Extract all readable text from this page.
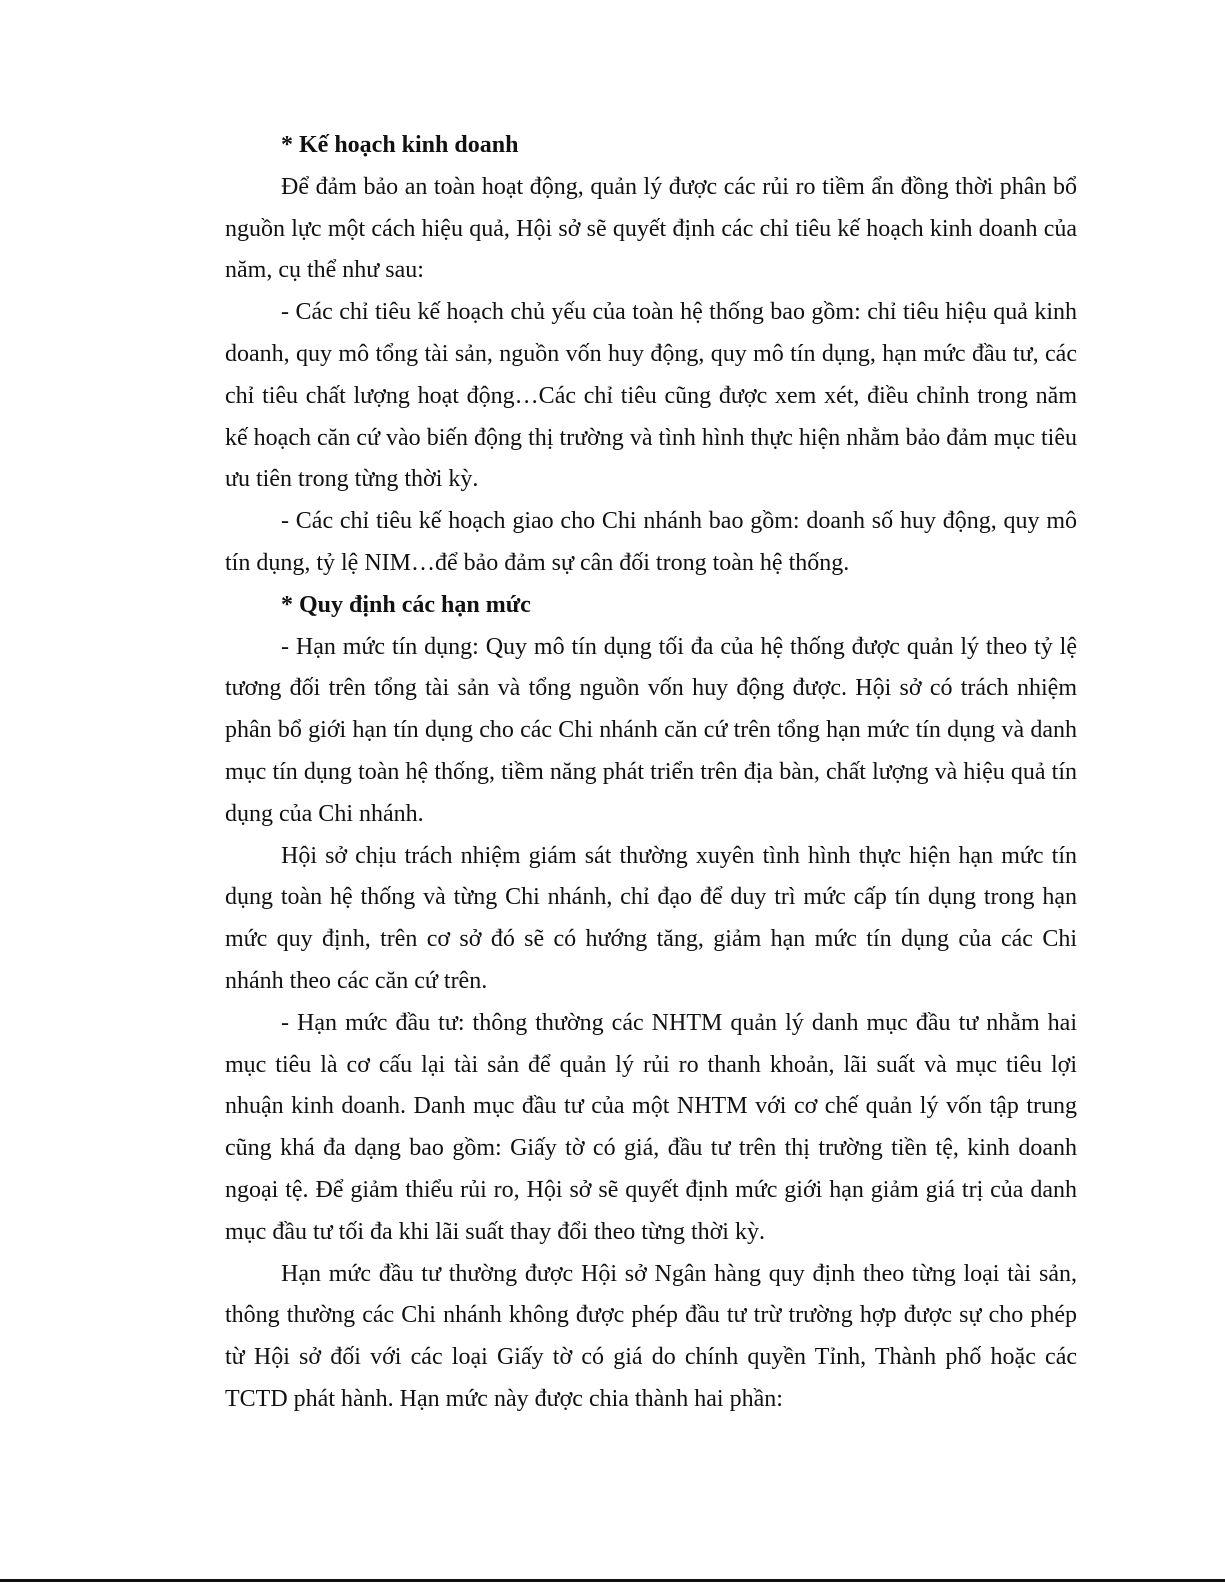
* Kế hoạch kinh doanh

Để đảm bảo an toàn hoạt động, quản lý được các rủi ro tiềm ẩn đồng thời phân bổ nguồn lực một cách hiệu quả, Hội sở sẽ quyết định các chỉ tiêu kế hoạch kinh doanh của năm, cụ thể như sau:

- Các chỉ tiêu kế hoạch chủ yếu của toàn hệ thống bao gồm: chỉ tiêu hiệu quả kinh doanh, quy mô tổng tài sản, nguồn vốn huy động, quy mô tín dụng, hạn mức đầu tư, các chỉ tiêu chất lượng hoạt động…Các chỉ tiêu cũng được xem xét, điều chỉnh trong năm kế hoạch căn cứ vào biến động thị trường và tình hình thực hiện nhằm bảo đảm mục tiêu ưu tiên trong từng thời kỳ.

- Các chỉ tiêu kế hoạch giao cho Chi nhánh bao gồm: doanh số huy động, quy mô tín dụng, tỷ lệ NIM…để bảo đảm sự cân đối trong toàn hệ thống.

* Quy định các hạn mức

- Hạn mức tín dụng: Quy mô tín dụng tối đa của hệ thống được quản lý theo tỷ lệ tương đối trên tổng tài sản và tổng nguồn vốn huy động được. Hội sở có trách nhiệm phân bổ giới hạn tín dụng cho các Chi nhánh căn cứ trên tổng hạn mức tín dụng và danh mục tín dụng toàn hệ thống, tiềm năng phát triển trên địa bàn, chất lượng và hiệu quả tín dụng của Chi nhánh.

Hội sở chịu trách nhiệm giám sát thường xuyên tình hình thực hiện hạn mức tín dụng toàn hệ thống và từng Chi nhánh, chỉ đạo để duy trì mức cấp tín dụng trong hạn mức quy định, trên cơ sở đó sẽ có hướng tăng, giảm hạn mức tín dụng của các Chi nhánh theo các căn cứ trên.

- Hạn mức đầu tư: thông thường các NHTM quản lý danh mục đầu tư nhằm hai mục tiêu là cơ cấu lại tài sản để quản lý rủi ro thanh khoản, lãi suất và mục tiêu lợi nhuận kinh doanh. Danh mục đầu tư của một NHTM với cơ chế quản lý vốn tập trung cũng khá đa dạng bao gồm: Giấy tờ có giá, đầu tư trên thị trường tiền tệ, kinh doanh ngoại tệ. Để giảm thiểu rủi ro, Hội sở sẽ quyết định mức giới hạn giảm giá trị của danh mục đầu tư tối đa khi lãi suất thay đổi theo từng thời kỳ.

Hạn mức đầu tư thường được Hội sở Ngân hàng quy định theo từng loại tài sản, thông thường các Chi nhánh không được phép đầu tư trừ trường hợp được sự cho phép từ Hội sở đối với các loại Giấy tờ có giá do chính quyền Tỉnh, Thành phố hoặc các TCTD phát hành. Hạn mức này được chia thành hai phần:
